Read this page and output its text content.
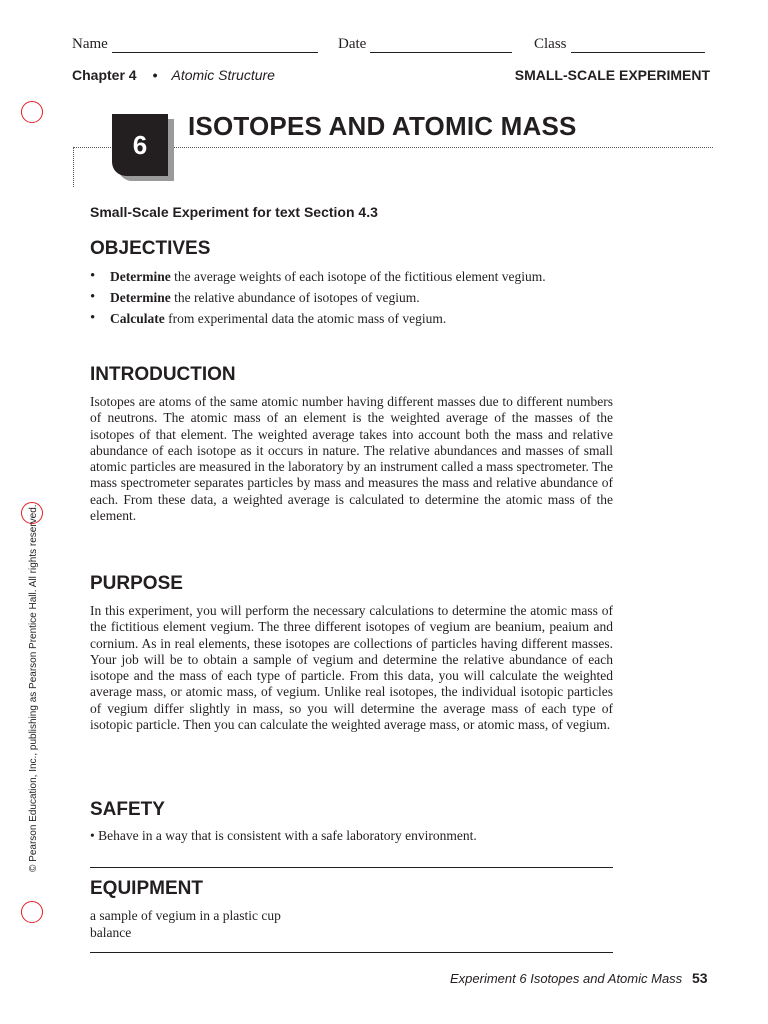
Name	Date	Class
Chapter 4 • Atomic Structure	SMALL-SCALE EXPERIMENT
6
ISOTOPES AND ATOMIC MASS
Small-Scale Experiment for text Section 4.3
OBJECTIVES
• Determine the average weights of each isotope of the fictitious element vegium.
• Determine the relative abundance of isotopes of vegium.
• Calculate from experimental data the atomic mass of vegium.
INTRODUCTION

Isotopes are atoms of the same atomic number having different masses due to different numbers of neutrons. The atomic mass of an element is the weighted average of the masses of the isotopes of that element. The weighted average takes into account both the mass and relative abundance of each isotope as it occurs in nature. The relative abundances and masses of small atomic particles are measured in the laboratory by an instrument called a mass spectrometer. The mass spectrometer separates particles by mass and measures the mass and relative abundance of each. From these data, a weighted average is calculated to determine the atomic mass of the element.

PURPOSE

In this experiment, you will perform the necessary calculations to determine the atomic mass of the fictitious element vegium. The three different isotopes of vegium are beanium, peaium and cornium. As in real elements, these isotopes are collections of particles having different masses. Your job will be to obtain a sample of vegium and determine the relative abundance of each isotope and the mass of each type of particle. From this data, you will calculate the weighted average mass, or atomic mass, of vegium. Unlike real isotopes, the individual isotopic particles of vegium differ slightly in mass, so you will determine the average mass of each type of isotopic particle. Then you can calculate the weighted average mass, or atomic mass, of vegium.

SAFETY
• Behave in a way that is consistent with a safe laboratory environment.
EQUIPMENT
a sample of vegium in a plastic cup
balance
Experiment 6 Isotopes and Atomic Mass 53
© Pearson Education, Inc., publishing as Pearson Prentice Hall. All rights reserved.
